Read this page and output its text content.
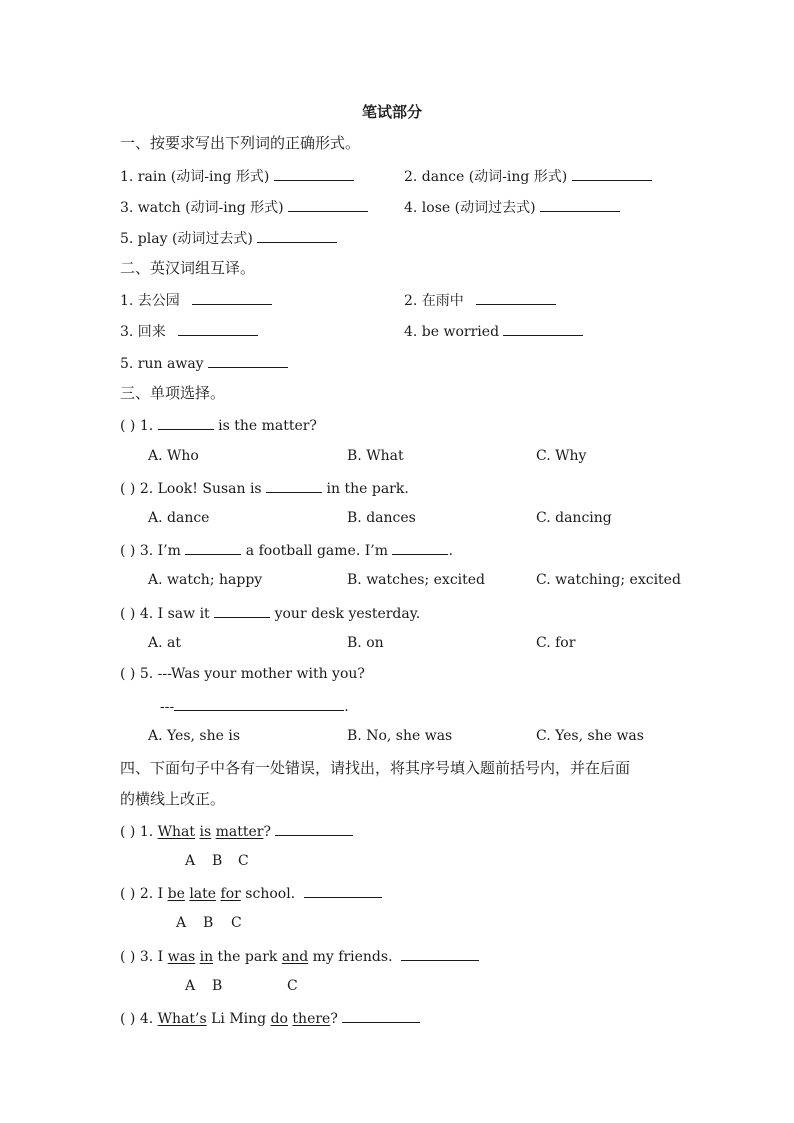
笔试部分
一、按要求写出下列词的正确形式。
1. rain (动词-ing 形式)	2. dance (动词-ing 形式)
3. watch (动词-ing 形式)	4. lose (动词过去式)
5. play (动词过去式)
二、英汉词组互译。
1. 去公园	2. 在雨中
3. 回来	4. be worried
5. run away
三、单项选择。
( ) 1.	is the matter?
A. Who	B. What	C. Why
( ) 2. Look! Susan is	in the park.
A. dance	B. dances	C. dancing
( ) 3. I’m	a football game. I’m	.
A. watch; happy	B. watches; excited	C. watching; excited
( ) 4. I saw it	your desk yesterday.
A. at	B. on	C. for
( ) 5. ---Was your mother with you?
---	.
A. Yes, she is	B. No, she was	C. Yes, she was
四、下面句子中各有一处错误，请找出，将其序号填入题前括号内，并在后面
的横线上改正。
( ) 1. What is matter?
A B C
( ) 2. I be late for school.
A B C
( ) 3. I was in the park and my friends.
A B	C
( ) 4. What’s Li Ming do there?
